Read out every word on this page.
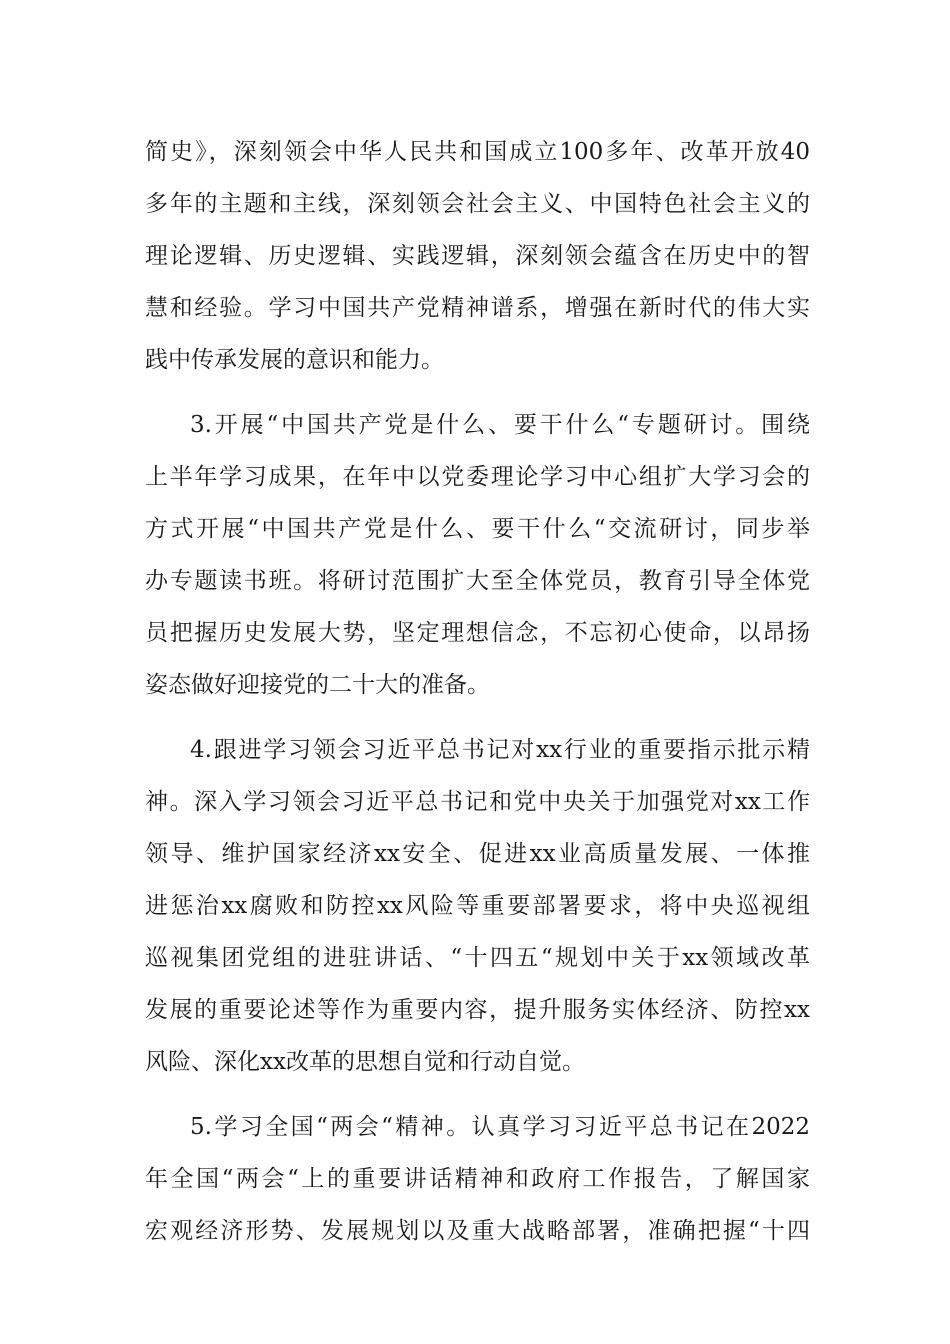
简史》，深刻领会中华人民共和国成立100多年、改革开放40
多年的主题和主线，深刻领会社会主义、中国特色社会主义的
理论逻辑、历史逻辑、实践逻辑，深刻领会蕴含在历史中的智
慧和经验。学习中国共产党精神谱系，增强在新时代的伟大实
践中传承发展的意识和能力。
3.开展“中国共产党是什么、要干什么“专题研讨。围绕
上半年学习成果，在年中以党委理论学习中心组扩大学习会的
方式开展“中国共产党是什么、要干什么“交流研讨，同步举
办专题读书班。将研讨范围扩大至全体党员，教育引导全体党
员把握历史发展大势，坚定理想信念，不忘初心使命，以昂扬
姿态做好迎接党的二十大的准备。
4.跟进学习领会习近平总书记对xx行业的重要指示批示精
神。深入学习领会习近平总书记和党中央关于加强党对xx工作
领导、维护国家经济xx安全、促进xx业高质量发展、一体推
进惩治xx腐败和防控xx风险等重要部署要求，将中央巡视组
巡视集团党组的进驻讲话、“十四五“规划中关于xx领域改革
发展的重要论述等作为重要内容，提升服务实体经济、防控xx
风险、深化xx改革的思想自觉和行动自觉。
5.学习全国“两会“精神。认真学习习近平总书记在2022
年全国“两会“上的重要讲话精神和政府工作报告，了解国家
宏观经济形势、发展规划以及重大战略部署，准确把握“十四
